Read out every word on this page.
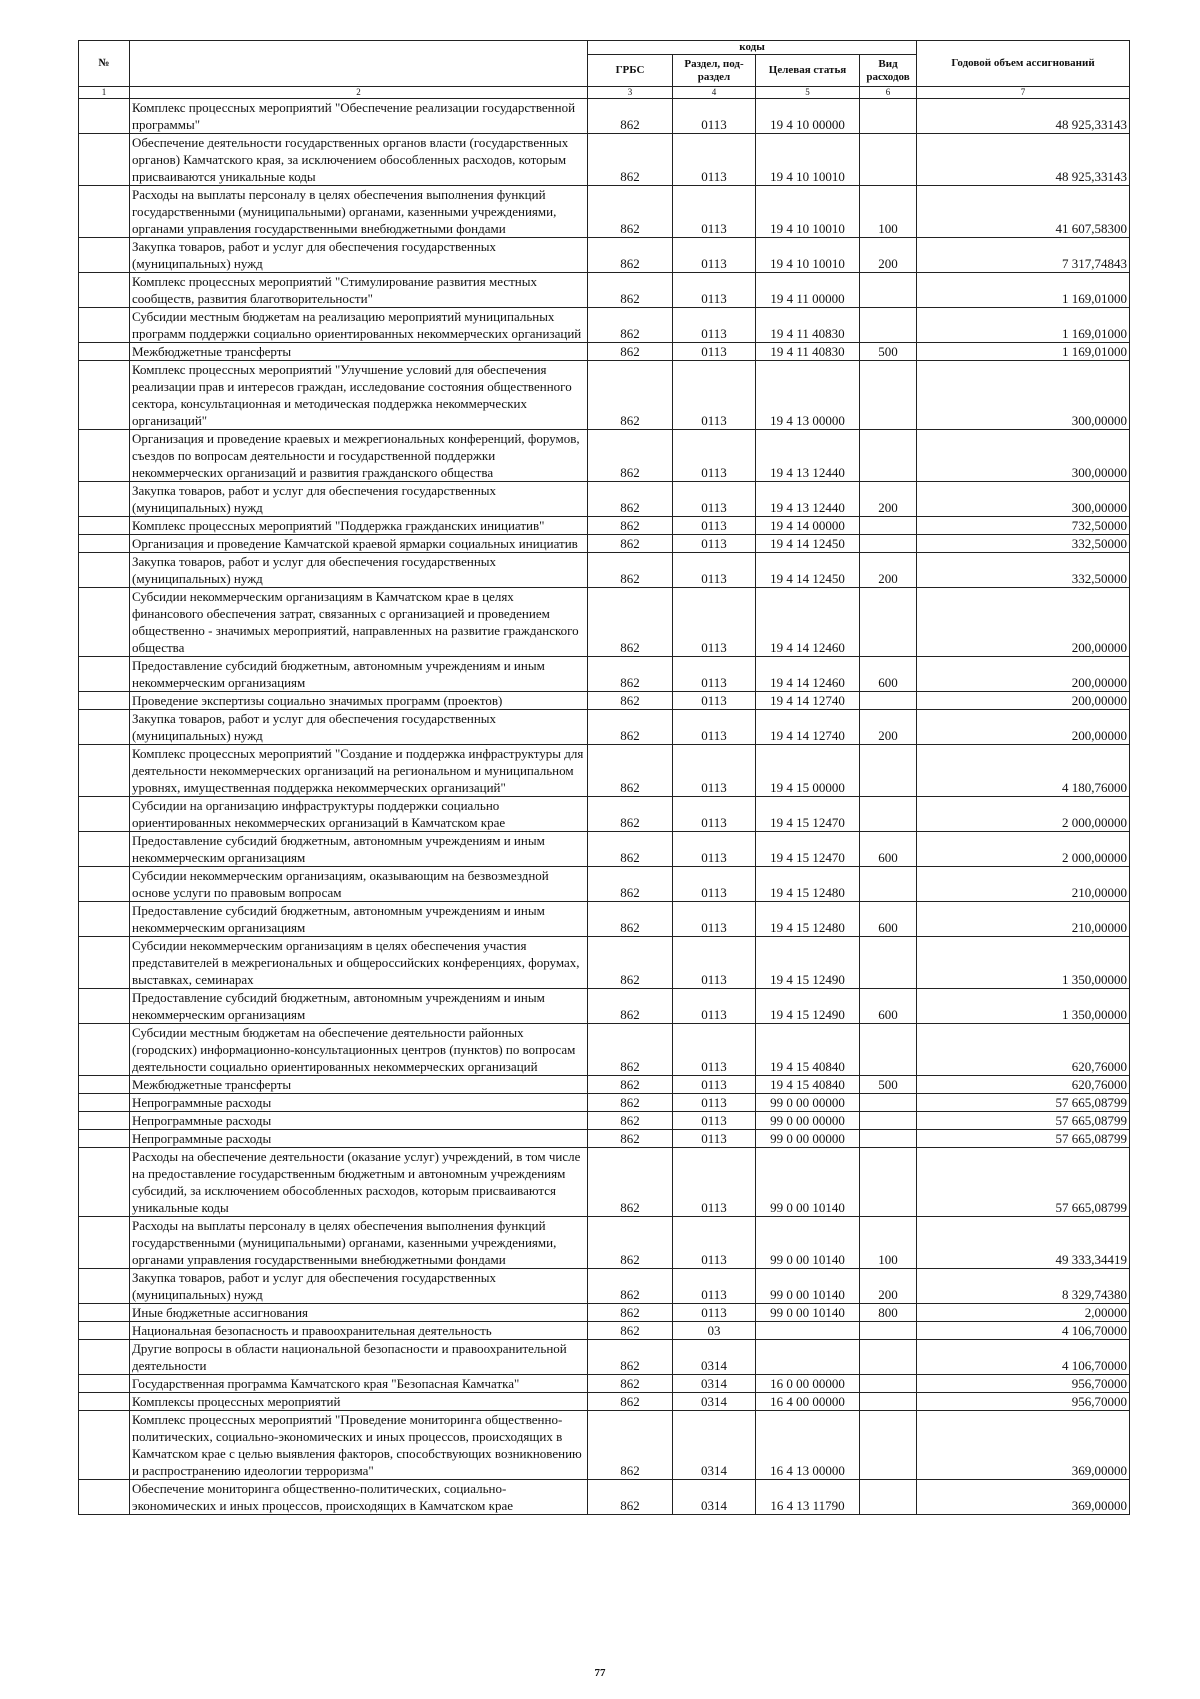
№		коды				Годовой объем ассигнований
		ГРБС	Раздел, под-раздел	Целевая статья	Вид расходов	
1	2	3	4	5	6	7
	Комплекс процессных мероприятий "Обеспечение реализации государственной программы"	862	0113	19 4 10 00000		48 925,33143
	Обеспечение деятельности государственных органов власти (государственных органов) Камчатского края, за исключением обособленных расходов, которым присваиваются уникальные коды	862	0113	19 4 10 10010		48 925,33143
	Расходы на выплаты персоналу в целях обеспечения выполнения функций государственными (муниципальными) органами, казенными учреждениями, органами управления государственными внебюджетными фондами	862	0113	19 4 10 10010	100	41 607,58300
	Закупка товаров, работ и услуг для обеспечения государственных (муниципальных) нужд	862	0113	19 4 10 10010	200	7 317,74843
	Комплекс процессных мероприятий "Стимулирование развития местных сообществ, развития благотворительности"	862	0113	19 4 11 00000		1 169,01000
	Субсидии местным бюджетам на реализацию мероприятий муниципальных программ поддержки социально ориентированных некоммерческих организаций	862	0113	19 4 11 40830		1 169,01000
	Межбюджетные трансферты	862	0113	19 4 11 40830	500	1 169,01000
	Комплекс процессных мероприятий "Улучшение условий для обеспечения реализации прав и интересов граждан, исследование состояния общественного сектора, консультационная и методическая поддержка некоммерческих организаций"	862	0113	19 4 13 00000		300,00000
	Организация и проведение краевых и межрегиональных конференций, форумов, съездов по вопросам деятельности и государственной поддержки некоммерческих организаций и развития гражданского общества	862	0113	19 4 13 12440		300,00000
	Закупка товаров, работ и услуг для обеспечения государственных (муниципальных) нужд	862	0113	19 4 13 12440	200	300,00000
	Комплекс процессных мероприятий "Поддержка гражданских инициатив"	862	0113	19 4 14 00000		732,50000
	Организация и проведение Камчатской краевой ярмарки социальных инициатив	862	0113	19 4 14 12450		332,50000
	Закупка товаров, работ и услуг для обеспечения государственных (муниципальных) нужд	862	0113	19 4 14 12450	200	332,50000
	Субсидии некоммерческим организациям в Камчатском крае в целях финансового обеспечения затрат, связанных с организацией и проведением общественно - значимых мероприятий, направленных на развитие гражданского общества	862	0113	19 4 14 12460		200,00000
	Предоставление субсидий бюджетным, автономным учреждениям и иным некоммерческим организациям	862	0113	19 4 14 12460	600	200,00000
	Проведение экспертизы социально значимых программ (проектов)	862	0113	19 4 14 12740		200,00000
	Закупка товаров, работ и услуг для обеспечения государственных (муниципальных) нужд	862	0113	19 4 14 12740	200	200,00000
	Комплекс процессных мероприятий "Создание и поддержка инфраструктуры для деятельности некоммерческих организаций на региональном и муниципальном уровнях, имущественная поддержка некоммерческих организаций"	862	0113	19 4 15 00000		4 180,76000
	Субсидии на организацию инфраструктуры поддержки социально ориентированных некоммерческих организаций в Камчатском крае	862	0113	19 4 15 12470		2 000,00000
	Предоставление субсидий бюджетным, автономным учреждениям и иным некоммерческим организациям	862	0113	19 4 15 12470	600	2 000,00000
	Субсидии некоммерческим организациям, оказывающим на безвозмездной основе услуги по правовым вопросам	862	0113	19 4 15 12480		210,00000
	Предоставление субсидий бюджетным, автономным учреждениям и иным некоммерческим организациям	862	0113	19 4 15 12480	600	210,00000
	Субсидии некоммерческим организациям в целях обеспечения участия представителей в межрегиональных и общероссийских конференциях, форумах, выставках, семинарах	862	0113	19 4 15 12490		1 350,00000
	Предоставление субсидий бюджетным, автономным учреждениям и иным некоммерческим организациям	862	0113	19 4 15 12490	600	1 350,00000
	Субсидии местным бюджетам на обеспечение деятельности районных (городских) информационно-консультационных центров (пунктов) по вопросам деятельности социально ориентированных некоммерческих организаций	862	0113	19 4 15 40840		620,76000
	Межбюджетные трансферты	862	0113	19 4 15 40840	500	620,76000
	Непрограммные расходы	862	0113	99 0 00 00000		57 665,08799
	Непрограммные расходы	862	0113	99 0 00 00000		57 665,08799
	Непрограммные расходы	862	0113	99 0 00 00000		57 665,08799
	Расходы на обеспечение деятельности (оказание услуг) учреждений, в том числе на предоставление государственным бюджетным и автономным учреждениям субсидий, за исключением обособленных расходов, которым присваиваются уникальные коды	862	0113	99 0 00 10140		57 665,08799
	Расходы на выплаты персоналу в целях обеспечения выполнения функций государственными (муниципальными) органами, казенными учреждениями, органами управления государственными внебюджетными фондами	862	0113	99 0 00 10140	100	49 333,34419
	Закупка товаров, работ и услуг для обеспечения государственных (муниципальных) нужд	862	0113	99 0 00 10140	200	8 329,74380
	Иные бюджетные ассигнования	862	0113	99 0 00 10140	800	2,00000
	Национальная безопасность и правоохранительная деятельность	862	03			4 106,70000
	Другие вопросы в области национальной безопасности и правоохранительной деятельности	862	0314			4 106,70000
	Государственная программа Камчатского края "Безопасная Камчатка"	862	0314	16 0 00 00000		956,70000
	Комплексы процессных мероприятий	862	0314	16 4 00 00000		956,70000
	Комплекс процессных мероприятий "Проведение мониторинга общественно-политических, социально-экономических и иных процессов, происходящих в Камчатском крае с целью выявления факторов, способствующих возникновению и распространению идеологии терроризма"	862	0314	16 4 13 00000		369,00000
	Обеспечение мониторинга общественно-политических, социально-экономических и иных процессов, происходящих в Камчатском крае	862	0314	16 4 13 11790		369,00000
77
